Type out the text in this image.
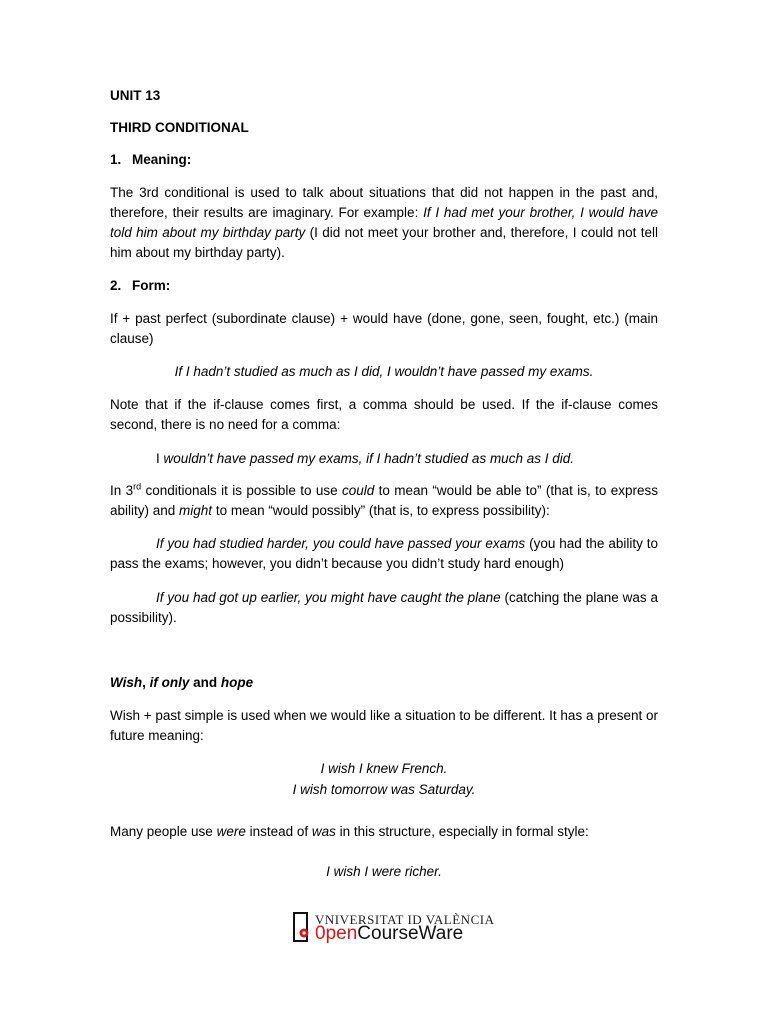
UNIT 13

THIRD CONDITIONAL

1. Meaning:

The 3rd conditional is used to talk about situations that did not happen in the past and, therefore, their results are imaginary. For example: If I had met your brother, I would have told him about my birthday party (I did not meet your brother and, therefore, I could not tell him about my birthday party).

2. Form:

If + past perfect (subordinate clause) + would have (done, gone, seen, fought, etc.) (main clause)

If I hadn’t studied as much as I did, I wouldn’t have passed my exams.

Note that if the if-clause comes first, a comma should be used. If the if-clause comes second, there is no need for a comma:

I wouldn’t have passed my exams, if I hadn’t studied as much as I did.

In 3rd conditionals it is possible to use could to mean “would be able to” (that is, to express ability) and might to mean “would possibly” (that is, to express possibility):

If you had studied harder, you could have passed your exams (you had the ability to pass the exams; however, you didn’t because you didn’t study hard enough)

If you had got up earlier, you might have caught the plane (catching the plane was a possibility).

Wish, if only and hope

Wish + past simple is used when we would like a situation to be different. It has a present or future meaning:

I wish I knew French.

I wish tomorrow was Saturday.

Many people use were instead of was in this structure, especially in formal style:

I wish I were richer.

VNIVERSITAT ID VALÈNCIA
0penCourseWare
